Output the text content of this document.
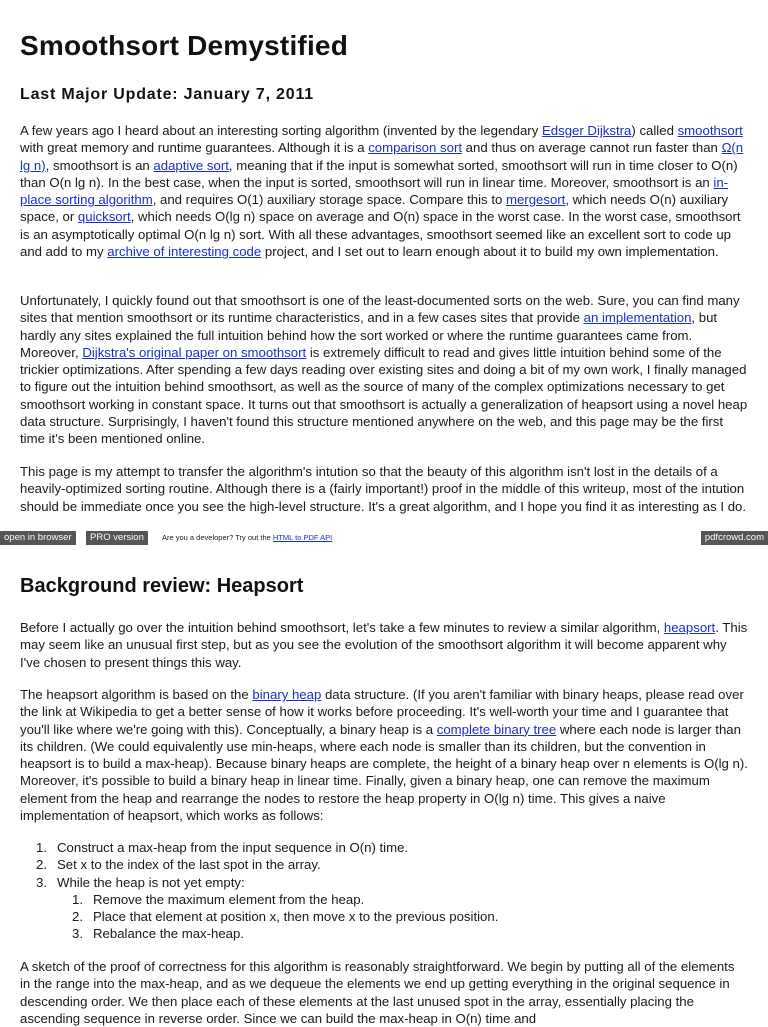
Smoothsort Demystified
Last Major Update: January 7, 2011

A few years ago I heard about an interesting sorting algorithm (invented by the legendary Edsger Dijkstra) called smoothsort with great memory and runtime guarantees. Although it is a comparison sort and thus on average cannot run faster than Ω(n lg n), smoothsort is an adaptive sort, meaning that if the input is somewhat sorted, smoothsort will run in time closer to O(n) than O(n lg n). In the best case, when the input is sorted, smoothsort will run in linear time. Moreover, smoothsort is an in-place sorting algorithm, and requires O(1) auxiliary storage space. Compare this to mergesort, which needs O(n) auxiliary space, or quicksort, which needs O(lg n) space on average and O(n) space in the worst case. In the worst case, smoothsort is an asymptotically optimal O(n lg n) sort. With all these advantages, smoothsort seemed like an excellent sort to code up and add to my archive of interesting code project, and I set out to learn enough about it to build my own implementation.

Unfortunately, I quickly found out that smoothsort is one of the least-documented sorts on the web. Sure, you can find many sites that mention smoothsort or its runtime characteristics, and in a few cases sites that provide an implementation, but hardly any sites explained the full intuition behind how the sort worked or where the runtime guarantees came from. Moreover, Dijkstra's original paper on smoothsort is extremely difficult to read and gives little intuition behind some of the trickier optimizations. After spending a few days reading over existing sites and doing a bit of my own work, I finally managed to figure out the intuition behind smoothsort, as well as the source of many of the complex optimizations necessary to get smoothsort working in constant space. It turns out that smoothsort is actually a generalization of heapsort using a novel heap data structure. Surprisingly, I haven't found this structure mentioned anywhere on the web, and this page may be the first time it's been mentioned online.

This page is my attempt to transfer the algorithm's intution so that the beauty of this algorithm isn't lost in the details of a heavily-optimized sorting routine. Although there is a (fairly important!) proof in the middle of this writeup, most of the intution should be immediate once you see the high-level structure. It's a great algorithm, and I hope you find it as interesting as I do.

open in browser	PRO version	Are you a developer? Try out the HTML to PDF API	pdfcrowd.com
Background review: Heapsort

Before I actually go over the intuition behind smoothsort, let's take a few minutes to review a similar algorithm, heapsort. This may seem like an unusual first step, but as you see the evolution of the smoothsort algorithm it will become apparent why I've chosen to present things this way.

The heapsort algorithm is based on the binary heap data structure. (If you aren't familiar with binary heaps, please read over the link at Wikipedia to get a better sense of how it works before proceeding. It's well-worth your time and I guarantee that you'll like where we're going with this). Conceptually, a binary heap is a complete binary tree where each node is larger than its children. (We could equivalently use min-heaps, where each node is smaller than its children, but the convention in heapsort is to build a max-heap). Because binary heaps are complete, the height of a binary heap over n elements is O(lg n). Moreover, it's possible to build a binary heap in linear time. Finally, given a binary heap, one can remove the maximum element from the heap and rearrange the nodes to restore the heap property in O(lg n) time. This gives a naive implementation of heapsort, which works as follows:

1. Construct a max-heap from the input sequence in O(n) time.
2. Set x to the index of the last spot in the array.
3. While the heap is not yet empty:
1. Remove the maximum element from the heap.
2. Place that element at position x, then move x to the previous position.
3. Rebalance the max-heap.

A sketch of the proof of correctness for this algorithm is reasonably straightforward. We begin by putting all of the elements in the range into the max-heap, and as we dequeue the elements we end up getting everything in the original sequence in descending order. We then place each of these elements at the last unused spot in the array, essentially placing the ascending sequence in reverse order. Since we can build the max-heap in O(n) time and
